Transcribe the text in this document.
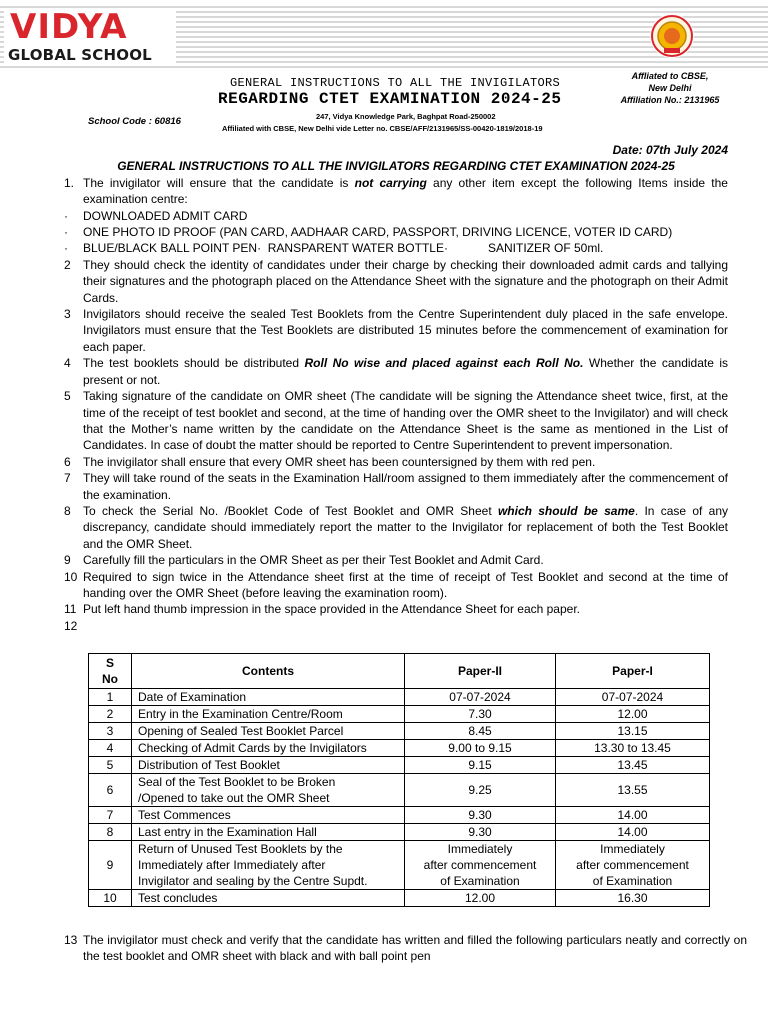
VIDYA
GLOBAL SCHOOL
GENERAL INSTRUCTIONS TO ALL THE INVIGILATORS
REGARDING CTET EXAMINATION 2024-25
School Code : 60816	247, Vidya Knowledge Park, Baghpat Road-250002
Affiliated with CBSE, New Delhi vide Letter no. CBSE/AFF/2131965/SS-00420-1819/2018-19
Affliated to CBSE,
New Delhi
Affiliation No.: 2131965
Date: 07th July 2024
GENERAL INSTRUCTIONS TO ALL THE INVIGILATORS REGARDING CTET EXAMINATION 2024-25
1. The invigilator will ensure that the candidate is not carrying any other item except the following Items inside the examination centre:
· DOWNLOADED ADMIT CARD
· ONE PHOTO ID PROOF (PAN CARD, AADHAAR CARD, PASSPORT, DRIVING LICENCE, VOTER ID CARD)
· BLUE/BLACK BALL POINT PEN·  RANSPARENT WATER BOTTLE·            SANITIZER OF 50ml.
2 They should check the identity of candidates under their charge by checking their downloaded admit cards and tallying their signatures and the photograph placed on the Attendance Sheet with the signature and the photograph on their Admit Cards.
3 Invigilators should receive the sealed Test Booklets from the Centre Superintendent duly placed in the safe envelope. Invigilators must ensure that the Test Booklets are distributed 15 minutes before the commencement of examination for each paper.
4 The test booklets should be distributed Roll No wise and placed against each Roll No. Whether the candidate is present or not.
5 Taking signature of the candidate on OMR sheet (The candidate will be signing the Attendance sheet twice, first, at the time of the receipt of test booklet and second, at the time of handing over the OMR sheet to the Invigilator) and will check that the Mother’s name written by the candidate on the Attendance Sheet is the same as mentioned in the List of Candidates. In case of doubt the matter should be reported to Centre Superintendent to prevent impersonation.
6 The invigilator shall ensure that every OMR sheet has been countersigned by them with red pen.
7 They will take round of the seats in the Examination Hall/room assigned to them immediately after the commencement of the examination.
8 To check the Serial No. /Booklet Code of Test Booklet and OMR Sheet which should be same. In case of any discrepancy, candidate should immediately report the matter to the Invigilator for replacement of both the Test Booklet and the OMR Sheet.
9 Carefully fill the particulars in the OMR Sheet as per their Test Booklet and Admit Card.
10 Required to sign twice in the Attendance sheet first at the time of receipt of Test Booklet and second at the time of handing over the OMR Sheet (before leaving the examination room).
11 Put left hand thumb impression in the space provided in the Attendance Sheet for each paper.
12

S
No	Contents	Paper-II	Paper-I
1	Date of Examination	07-07-2024	07-07-2024
2	Entry in the Examination Centre/Room	7.30	12.00
3	Opening of Sealed Test Booklet Parcel	8.45	13.15
4	Checking of Admit Cards by the Invigilators	9.00 to 9.15	13.30 to 13.45
5	Distribution of Test Booklet	9.15	13.45
6	Seal of the Test Booklet to be Broken
/Opened to take out the OMR Sheet	9.25	13.55
7	Test Commences	9.30	14.00
8	Last entry in the Examination Hall	9.30	14.00
9	Return of Unused Test Booklets by the
Immediately after Immediately after
Invigilator and sealing by the Centre Supdt.	Immediately
after commencement
of Examination	Immediately
after commencement
of Examination
10	Test concludes	12.00	16.30
13 The invigilator must check and verify that the candidate has written and filled the following particulars neatly and correctly on the test booklet and OMR sheet with black and with ball point pen
